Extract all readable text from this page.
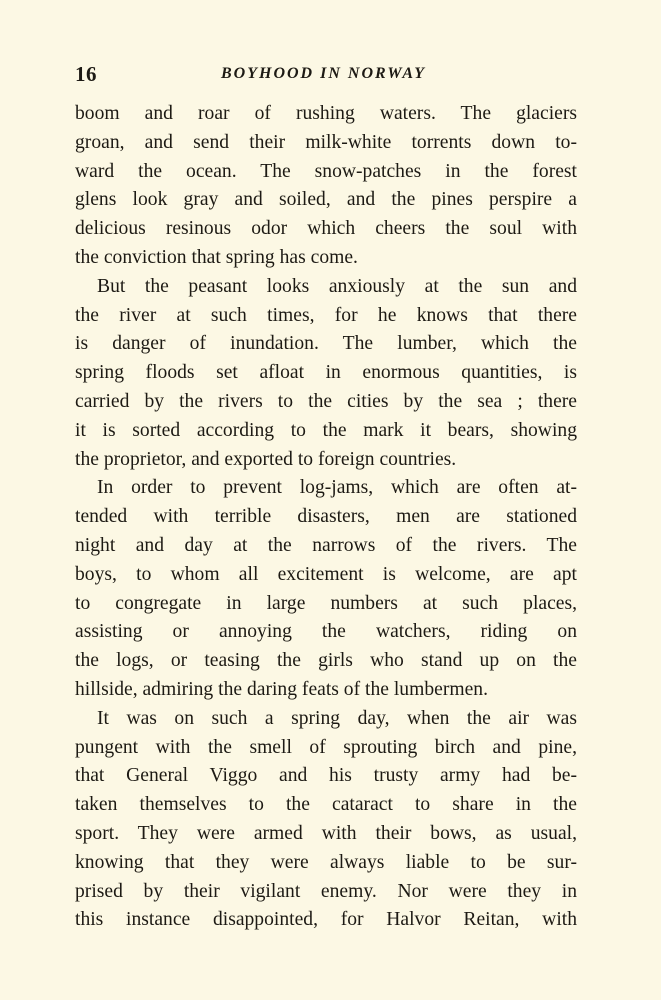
16	BOYHOOD IN NORWAY
boom and roar of rushing waters. The glaciers
groan, and send their milk-white torrents down to-
ward the ocean. The snow-patches in the forest
glens look gray and soiled, and the pines perspire a
delicious resinous odor which cheers the soul with
the conviction that spring has come.
But the peasant looks anxiously at the sun and
the river at such times, for he knows that there
is danger of inundation. The lumber, which the
spring floods set afloat in enormous quantities, is
carried by the rivers to the cities by the sea ; there
it is sorted according to the mark it bears, showing
the proprietor, and exported to foreign countries.
In order to prevent log-jams, which are often at-
tended with terrible disasters, men are stationed
night and day at the narrows of the rivers. The
boys, to whom all excitement is welcome, are apt
to congregate in large numbers at such places,
assisting or annoying the watchers, riding on
the logs, or teasing the girls who stand up on the
hillside, admiring the daring feats of the lumbermen.
It was on such a spring day, when the air was
pungent with the smell of sprouting birch and pine,
that General Viggo and his trusty army had be-
taken themselves to the cataract to share in the
sport. They were armed with their bows, as usual,
knowing that they were always liable to be sur-
prised by their vigilant enemy. Nor were they in
this instance disappointed, for Halvor Reitan, with
